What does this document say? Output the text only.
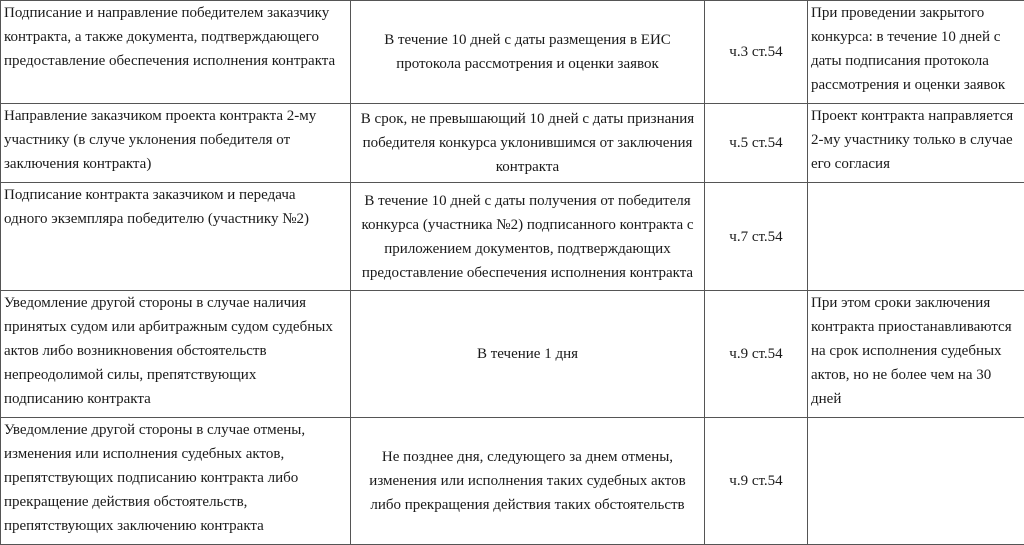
Подписание и направление победителем заказчику
контракта, а также документа, подтверждающего
предоставление обеспечения исполнения контракта	В течение 10 дней с даты размещения в ЕИС
протокола рассмотрения и оценки заявок	ч.3 ст.54	При проведении закрытого
конкурса: в течение 10 дней с
даты подписания протокола
рассмотрения и оценки заявок

Направление заказчиком проекта контракта 2-му
участнику (в случе уклонения победителя от
заключения контракта)	В срок, не превышающий 10 дней с даты признания
победителя конкурса уклонившимся от заключения
контракта	ч.5 ст.54	Проект контракта направляется
2-му участнику только в случае
его согласия

Подписание контракта заказчиком и передача
одного экземпляра победителю (участнику №2)	В течение 10 дней с даты получения от победителя
конкурса (участника №2) подписанного контракта с
приложением документов, подтверждающих
предоставление обеспечения исполнения контракта	ч.7 ст.54	

Уведомление другой стороны в случае наличия
принятых судом или арбитражным судом судебных
актов либо возникновения обстоятельств
непреодолимой силы, препятствующих
подписанию контракта	В течение 1 дня	ч.9 ст.54	При этом сроки заключения
контракта приостанавливаются
на срок исполнения судебных
актов, но не более чем на 30
дней

Уведомление другой стороны в случае отмены,
изменения или исполнения судебных актов,
препятствующих подписанию контракта либо
прекращение действия обстоятельств,
препятствующих заключению контракта	Не позднее дня, следующего за днем отмены,
изменения или исполнения таких судебных актов
либо прекращения действия таких обстоятельств	ч.9 ст.54	
